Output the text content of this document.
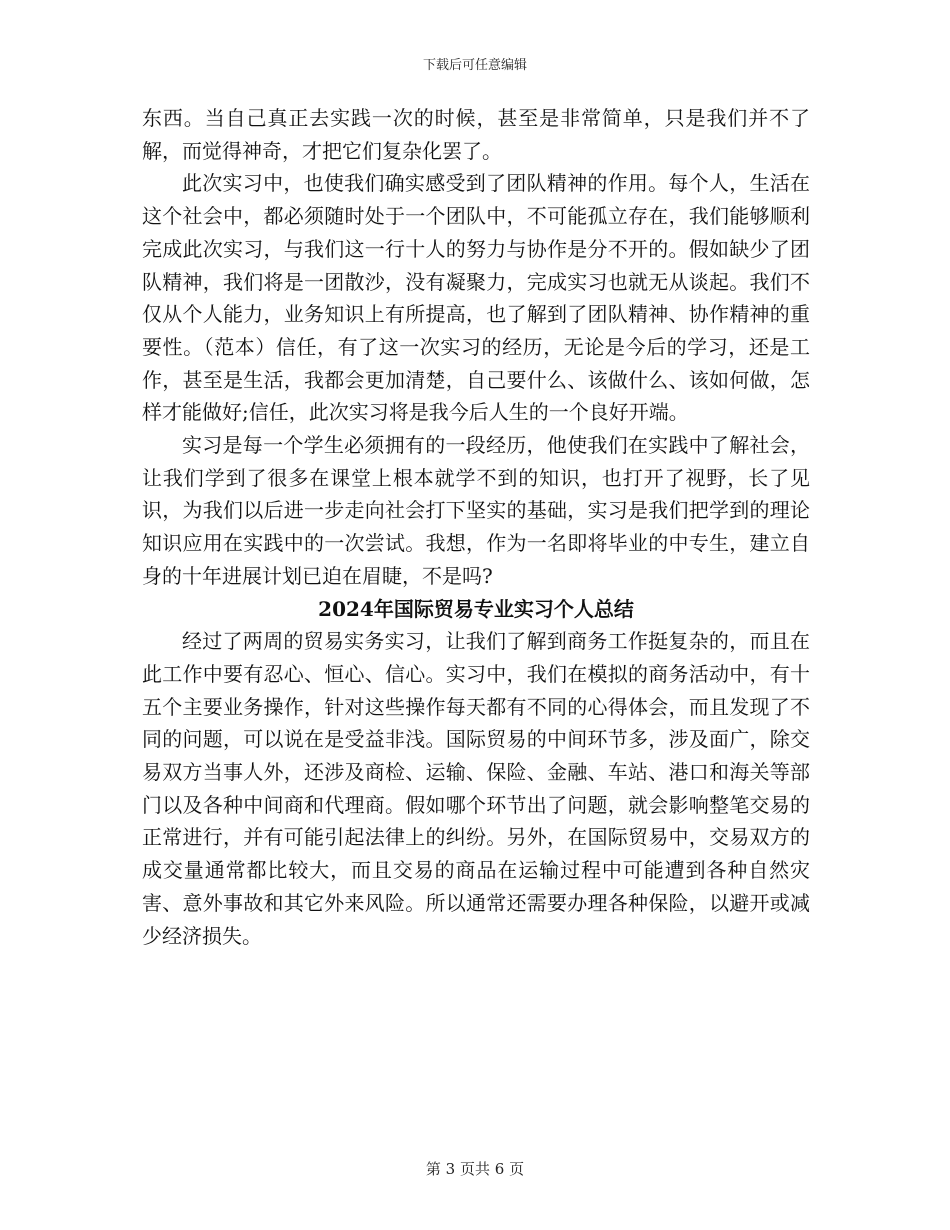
下载后可任意编辑

东西。当自己真正去实践一次的时候，甚至是非常简单，只是我们并不了解，而觉得神奇，才把它们复杂化罢了。

此次实习中，也使我们确实感受到了团队精神的作用。每个人，生活在这个社会中，都必须随时处于一个团队中，不可能孤立存在，我们能够顺利完成此次实习，与我们这一行十人的努力与协作是分不开的。假如缺少了团队精神，我们将是一团散沙，没有凝聚力，完成实习也就无从谈起。我们不仅从个人能力，业务知识上有所提高，也了解到了团队精神、协作精神的重要性。（范本）信任，有了这一次实习的经历，无论是今后的学习，还是工作，甚至是生活，我都会更加清楚，自己要什么、该做什么、该如何做，怎样才能做好;信任，此次实习将是我今后人生的一个良好开端。

实习是每一个学生必须拥有的一段经历，他使我们在实践中了解社会，让我们学到了很多在课堂上根本就学不到的知识，也打开了视野，长了见识，为我们以后进一步走向社会打下坚实的基础，实习是我们把学到的理论知识应用在实践中的一次尝试。我想，作为一名即将毕业的中专生，建立自身的十年进展计划已迫在眉睫，不是吗?

2024年国际贸易专业实习个人总结

经过了两周的贸易实务实习，让我们了解到商务工作挺复杂的，而且在此工作中要有忍心、恒心、信心。实习中，我们在模拟的商务活动中，有十五个主要业务操作，针对这些操作每天都有不同的心得体会，而且发现了不同的问题，可以说在是受益非浅。国际贸易的中间环节多，涉及面广，除交易双方当事人外，还涉及商检、运输、保险、金融、车站、港口和海关等部门以及各种中间商和代理商。假如哪个环节出了问题，就会影响整笔交易的正常进行，并有可能引起法律上的纠纷。另外，在国际贸易中，交易双方的成交量通常都比较大，而且交易的商品在运输过程中可能遭到各种自然灾害、意外事故和其它外来风险。所以通常还需要办理各种保险，以避开或减少经济损失。

第 3 页共 6 页
